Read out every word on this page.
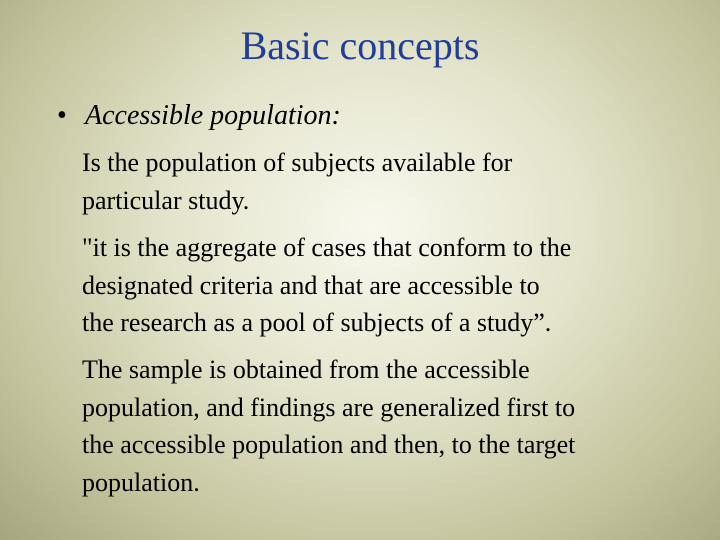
Basic concepts
• Accessible population:

Is the population of subjects available for
particular study.

"it is the aggregate of cases that conform to the
designated criteria and that are accessible to
the research as a pool of subjects of a study”.

The sample is obtained from the accessible
population, and findings are generalized first to
the accessible population and then, to the target
population.
